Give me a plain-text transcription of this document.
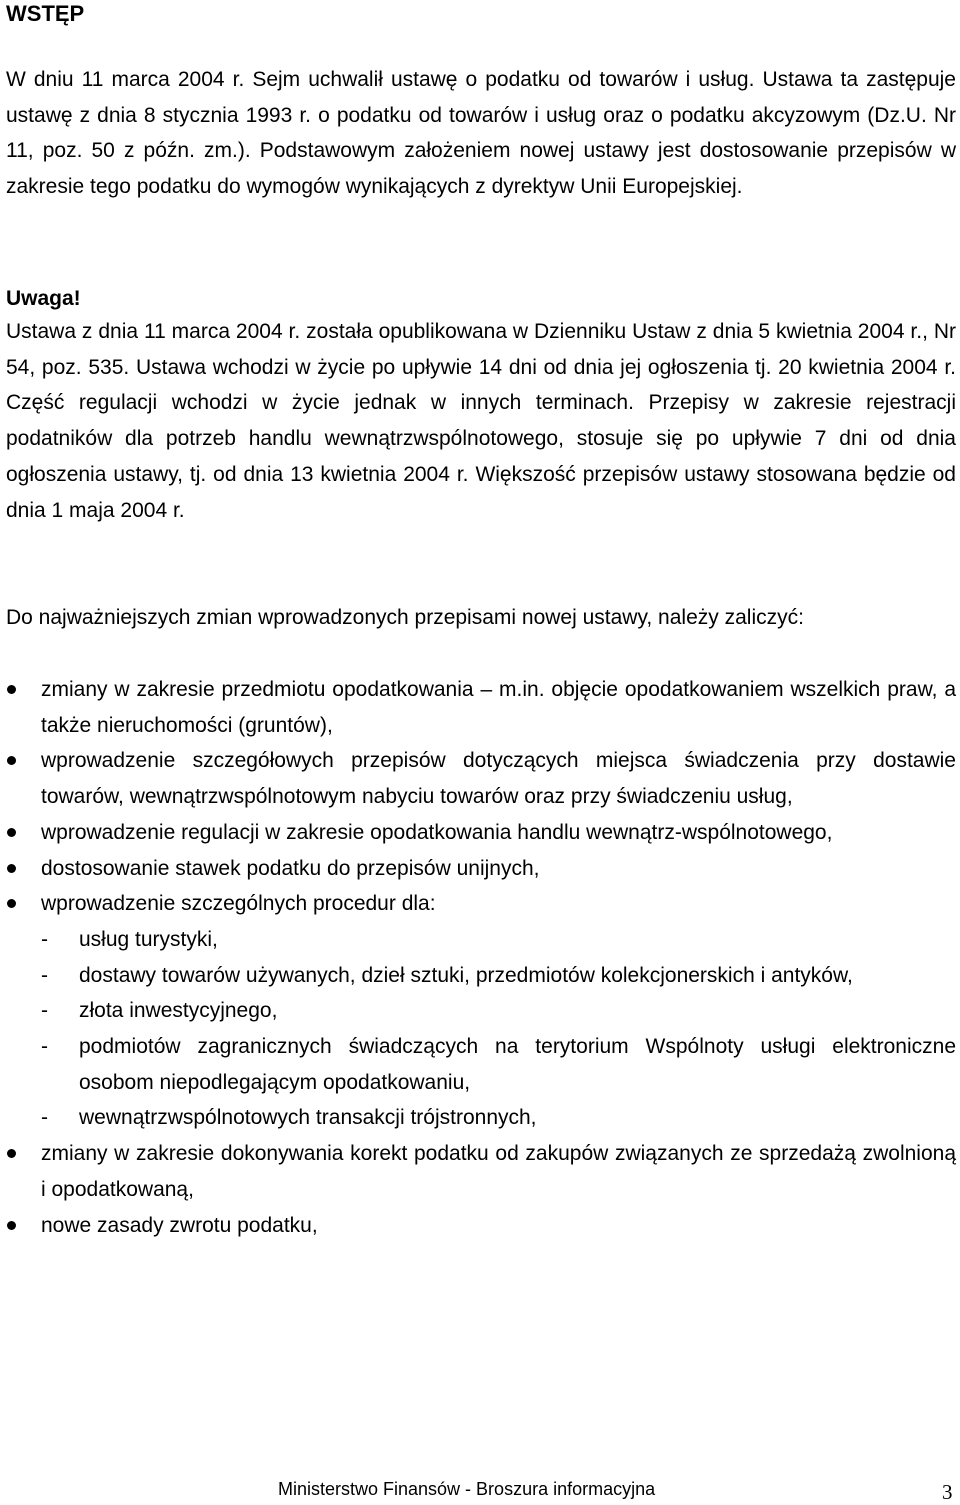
WSTĘP

W dniu 11 marca 2004 r. Sejm uchwalił ustawę o podatku od towarów i usług. Ustawa ta zastępuje ustawę z dnia 8 stycznia 1993 r. o podatku od towarów i usług oraz o podatku akcyzowym (Dz.U. Nr 11, poz. 50 z późn. zm.). Podstawowym założeniem nowej ustawy jest dostosowanie przepisów w zakresie tego podatku do wymogów wynikających z dyrektyw Unii Europejskiej.

Uwaga!

Ustawa z dnia 11 marca 2004 r. została opublikowana w Dzienniku Ustaw z dnia 5 kwietnia 2004 r., Nr 54, poz. 535. Ustawa wchodzi w życie po upływie 14 dni od dnia jej ogłoszenia tj. 20 kwietnia 2004 r. Część regulacji wchodzi w życie jednak w innych terminach. Przepisy w zakresie rejestracji podatników dla potrzeb handlu wewnątrzwspólnotowego, stosuje się po upływie 7 dni od dnia ogłoszenia ustawy, tj. od dnia 13 kwietnia 2004 r. Większość przepisów ustawy stosowana będzie od dnia 1 maja 2004 r.

Do najważniejszych zmian wprowadzonych przepisami nowej ustawy, należy zaliczyć:

zmiany w zakresie przedmiotu opodatkowania – m.in. objęcie opodatkowaniem wszelkich praw, a także nieruchomości (gruntów),
wprowadzenie szczegółowych przepisów dotyczących miejsca świadczenia przy dostawie towarów, wewnątrzwspólnotowym nabyciu towarów oraz przy świadczeniu usług,
wprowadzenie regulacji w zakresie opodatkowania handlu wewnątrz-wspólnotowego,
dostosowanie stawek podatku do przepisów unijnych,
wprowadzenie szczególnych procedur dla:
- usług turystyki,
- dostawy towarów używanych, dzieł sztuki, przedmiotów kolekcjonerskich i antyków,
- złota inwestycyjnego,
- podmiotów zagranicznych świadczących na terytorium Wspólnoty usługi elektroniczne osobom niepodlegającym opodatkowaniu,
- wewnątrzwspólnotowych transakcji trójstronnych,
zmiany w zakresie dokonywania korekt podatku od zakupów związanych ze sprzedażą zwolnioną i opodatkowaną,
nowe zasady zwrotu podatku,

Ministerstwo Finansów - Broszura informacyjna	3
